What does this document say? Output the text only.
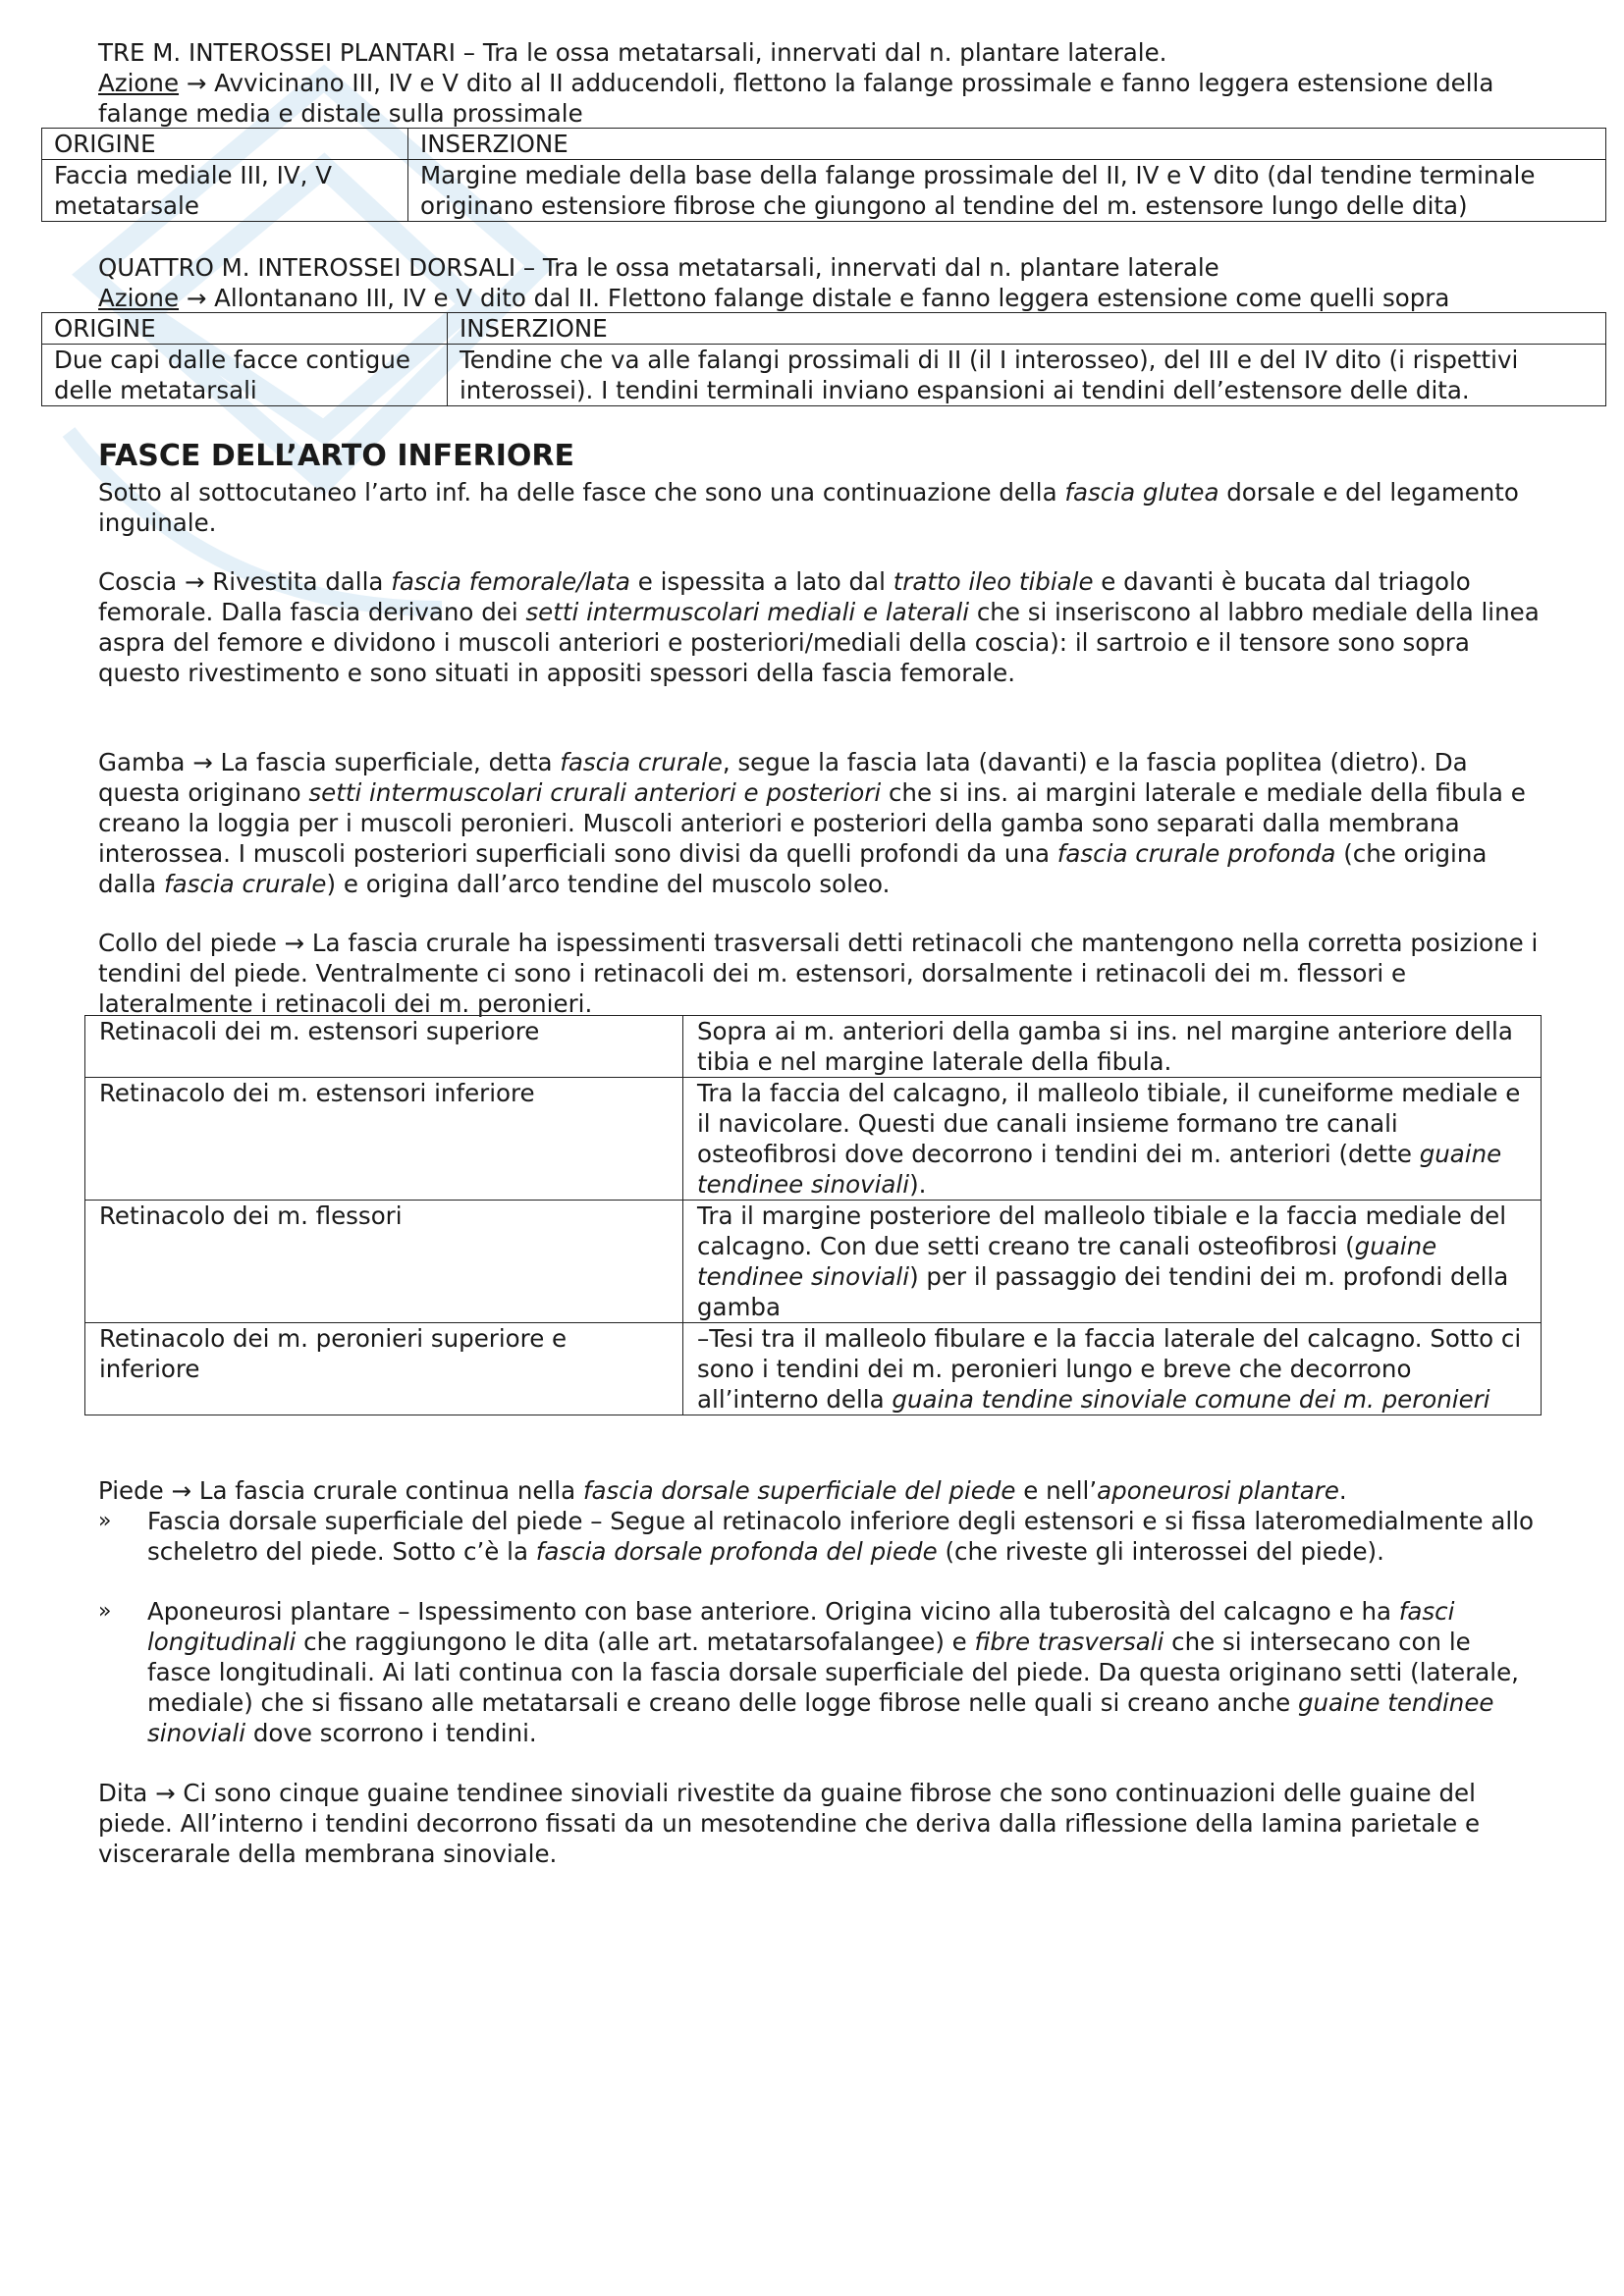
TRE M. INTEROSSEI PLANTARI – Tra le ossa metatarsali, innervati dal n. plantare laterale.

Azione → Avvicinano III, IV e V dito al II adducendoli, flettono la falange prossimale e fanno leggera estensione della falange media e distale sulla prossimale

ORIGINE	INSERZIONE
Faccia mediale III, IV, V metatarsale	Margine mediale della base della falange prossimale del II, IV e V dito (dal tendine terminale originano estensiore fibrose che giungono al tendine del m. estensore lungo delle dita)

QUATTRO M. INTEROSSEI DORSALI – Tra le ossa metatarsali, innervati dal n. plantare laterale

Azione → Allontanano III, IV e V dito dal II. Flettono falange distale e fanno leggera estensione come quelli sopra

ORIGINE	INSERZIONE
Due capi dalle facce contigue delle metatarsali	Tendine che va alle falangi prossimali di II (il I interosseo), del III e del IV dito (i rispettivi interossei). I tendini terminali inviano espansioni ai tendini dell’estensore delle dita.
FASCE DELL’ARTO INFERIORE

Sotto al sottocutaneo l’arto inf. ha delle fasce che sono una continuazione della fascia glutea dorsale e del legamento inguinale.

Coscia → Rivestita dalla fascia femorale/lata e ispessita a lato dal tratto ileo tibiale e davanti è bucata dal triagolo femorale. Dalla fascia derivano dei setti intermuscolari mediali e laterali che si inseriscono al labbro mediale della linea aspra del femore e dividono i muscoli anteriori e posteriori/mediali della coscia): il sartroio e il tensore sono sopra questo rivestimento e sono situati in appositi spessori della fascia femorale.

Gamba → La fascia superficiale, detta fascia crurale, segue la fascia lata (davanti) e la fascia poplitea (dietro). Da questa originano setti intermuscolari crurali anteriori e posteriori che si ins. ai margini laterale e mediale della fibula e creano la loggia per i muscoli peronieri. Muscoli anteriori e posteriori della gamba sono separati dalla membrana interossea. I muscoli posteriori superficiali sono divisi da quelli profondi da una fascia crurale profonda (che origina dalla fascia crurale) e origina dall’arco tendine del muscolo soleo.

Collo del piede → La fascia crurale ha ispessimenti trasversali detti retinacoli che mantengono nella corretta posizione i tendini del piede. Ventralmente ci sono i retinacoli dei m. estensori, dorsalmente i retinacoli dei m. flessori e lateralmente i retinacoli dei m. peronieri.

Retinacoli dei m. estensori superiore	Sopra ai m. anteriori della gamba si ins. nel margine anteriore della tibia e nel margine laterale della fibula.
Retinacolo dei m. estensori inferiore	Tra la faccia del calcagno, il malleolo tibiale, il cuneiforme mediale e il navicolare. Questi due canali insieme formano tre canali osteofibrosi dove decorrono i tendini dei m. anteriori (dette guaine tendinee sinoviali).
Retinacolo dei m. flessori	Tra il margine posteriore del malleolo tibiale e la faccia mediale del calcagno. Con due setti creano tre canali osteofibrosi (guaine tendinee sinoviali) per il passaggio dei tendini dei m. profondi della gamba
Retinacolo dei m. peronieri superiore e inferiore	–Tesi tra il malleolo fibulare e la faccia laterale del calcagno. Sotto ci sono i tendini dei m. peronieri lungo e breve che decorrono all’interno della guaina tendine sinoviale comune dei m. peronieri

Piede → La fascia crurale continua nella fascia dorsale superficiale del piede e nell’aponeurosi plantare.

» Fascia dorsale superficiale del piede – Segue al retinacolo inferiore degli estensori e si fissa lateromedialmente allo scheletro del piede. Sotto c’è la fascia dorsale profonda del piede (che riveste gli interossei del piede).

» Aponeurosi plantare – Ispessimento con base anteriore. Origina vicino alla tuberosità del calcagno e ha fasci longitudinali che raggiungono le dita (alle art. metatarsofalangee) e fibre trasversali che si intersecano con le fasce longitudinali. Ai lati continua con la fascia dorsale superficiale del piede. Da questa originano setti (laterale, mediale) che si fissano alle metatarsali e creano delle logge fibrose nelle quali si creano anche guaine tendinee sinoviali dove scorrono i tendini.

Dita → Ci sono cinque guaine tendinee sinoviali rivestite da guaine fibrose che sono continuazioni delle guaine del piede. All’interno i tendini decorrono fissati da un mesotendine che deriva dalla riflessione della lamina parietale e viscerarale della membrana sinoviale.
